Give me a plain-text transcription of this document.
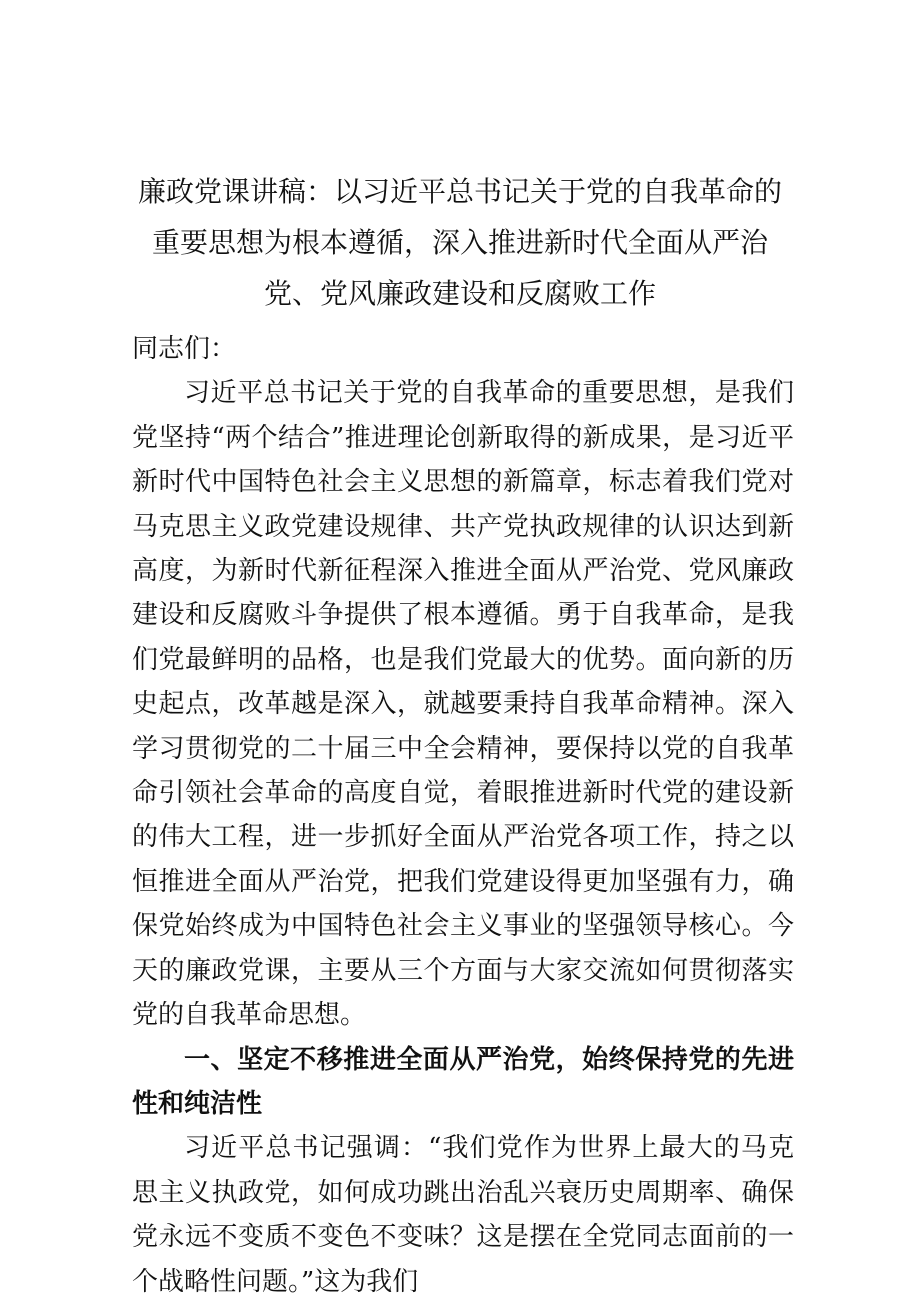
廉政党课讲稿：以习近平总书记关于党的自我革命的重要思想为根本遵循，深入推进新时代全面从严治党、党风廉政建设和反腐败工作

同志们：

习近平总书记关于党的自我革命的重要思想，是我们党坚持“两个结合”推进理论创新取得的新成果，是习近平新时代中国特色社会主义思想的新篇章，标志着我们党对马克思主义政党建设规律、共产党执政规律的认识达到新高度，为新时代新征程深入推进全面从严治党、党风廉政建设和反腐败斗争提供了根本遵循。勇于自我革命，是我们党最鲜明的品格，也是我们党最大的优势。面向新的历史起点，改革越是深入，就越要秉持自我革命精神。深入学习贯彻党的二十届三中全会精神，要保持以党的自我革命引领社会革命的高度自觉，着眼推进新时代党的建设新的伟大工程，进一步抓好全面从严治党各项工作，持之以恒推进全面从严治党，把我们党建设得更加坚强有力，确保党始终成为中国特色社会主义事业的坚强领导核心。今天的廉政党课，主要从三个方面与大家交流如何贯彻落实党的自我革命思想。

一、坚定不移推进全面从严治党，始终保持党的先进性和纯洁性

习近平总书记强调：“我们党作为世界上最大的马克思主义执政党，如何成功跳出治乱兴衰历史周期率、确保党永远不变质不变色不变味？这是摆在全党同志面前的一个战略性问题。”这为我们
